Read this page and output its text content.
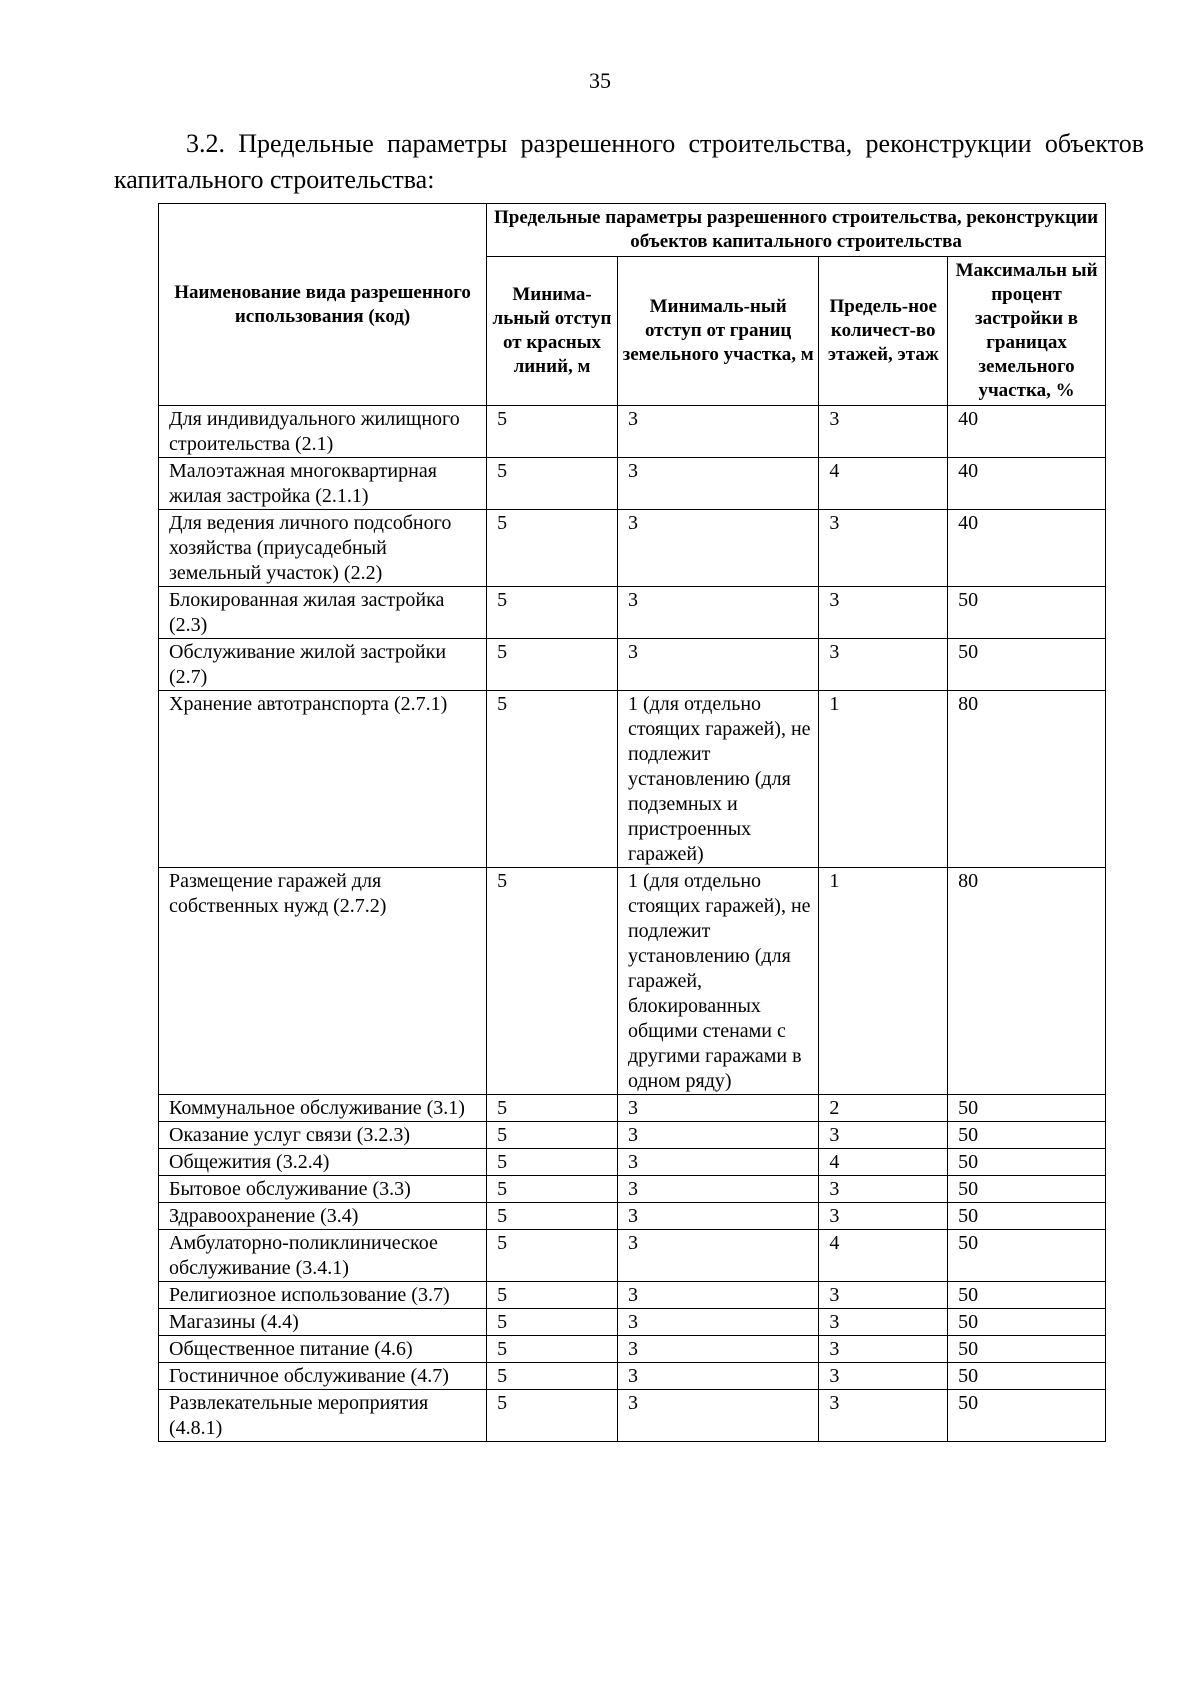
35

3.2. Предельные параметры разрешенного строительства, реконструкции объектов капитального строительства:

Наименование вида разрешенного использования (код)	Предельные параметры разрешенного строительства, реконструкции объектов капитального строительства			
	Минима-льный отступ от красных линий, м	Минималь-ный отступ от границ земельного участка, м	Предель-ное количест-во этажей, этаж	Максимальн ый процент застройки в границах земельного участка, %
Для индивидуального жилищного строительства (2.1)	5	3	3	40
Малоэтажная многоквартирная жилая застройка (2.1.1)	5	3	4	40
Для ведения личного подсобного хозяйства (приусадебный земельный участок) (2.2)	5	3	3	40
Блокированная жилая застройка (2.3)	5	3	3	50
Обслуживание жилой застройки (2.7)	5	3	3	50
Хранение автотранспорта (2.7.1)	5	1 (для отдельно стоящих гаражей), не подлежит установлению (для подземных и пристроенных гаражей)	1	80
Размещение гаражей для собственных нужд (2.7.2)	5	1 (для отдельно стоящих гаражей), не подлежит установлению (для гаражей, блокированных общими стенами с другими гаражами в одном ряду)	1	80
Коммунальное обслуживание (3.1)	5	3	2	50
Оказание услуг связи (3.2.3)	5	3	3	50
Общежития (3.2.4)	5	3	4	50
Бытовое обслуживание (3.3)	5	3	3	50
Здравоохранение (3.4)	5	3	3	50
Амбулаторно-поликлиническое обслуживание (3.4.1)	5	3	4	50
Религиозное использование (3.7)	5	3	3	50
Магазины (4.4)	5	3	3	50
Общественное питание (4.6)	5	3	3	50
Гостиничное обслуживание (4.7)	5	3	3	50
Развлекательные мероприятия (4.8.1)	5	3	3	50
